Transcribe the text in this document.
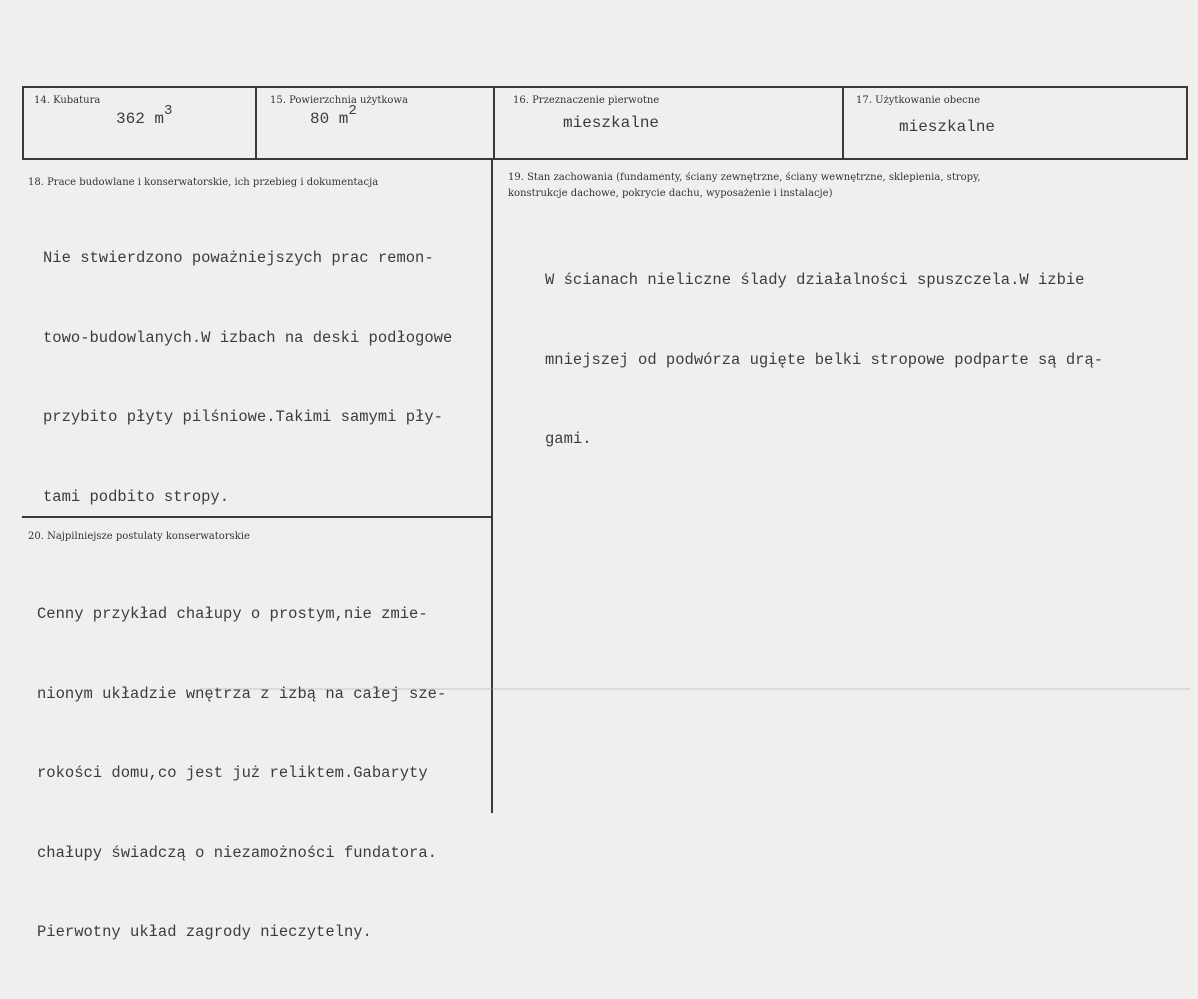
14. Kubatura
362 m3
15. Powierzchnia użytkowa
80 m2
16. Przeznaczenie pierwotne
mieszkalne
17. Użytkowanie obecne
mieszkalne
18. Prace budowlane i konserwatorskie, ich przebieg i dokumentacja

Nie stwierdzono poważniejszych prac remon-

towo-budowlanych.W izbach na deski podłogowe

przybito płyty pilśniowe.Takimi samymi pły-

tami podbito stropy.

19. Stan zachowania (fundamenty, ściany zewnętrzne, ściany wewnętrzne, sklepienia, stropy,
konstrukcje dachowe, pokrycie dachu, wyposażenie i instalacje)

W ścianach nieliczne ślady działalności spuszczela.W izbie

mniejszej od podwórza ugięte belki stropowe podparte są drą-

gami.

20. Najpilniejsze postulaty konserwatorskie

Cenny przykład chałupy o prostym,nie zmie-

nionym układzie wnętrza z izbą na całej sze-

rokości domu,co jest już reliktem.Gabaryty

chałupy świadczą o niezamożności fundatora.

Pierwotny układ zagrody nieczytelny.
